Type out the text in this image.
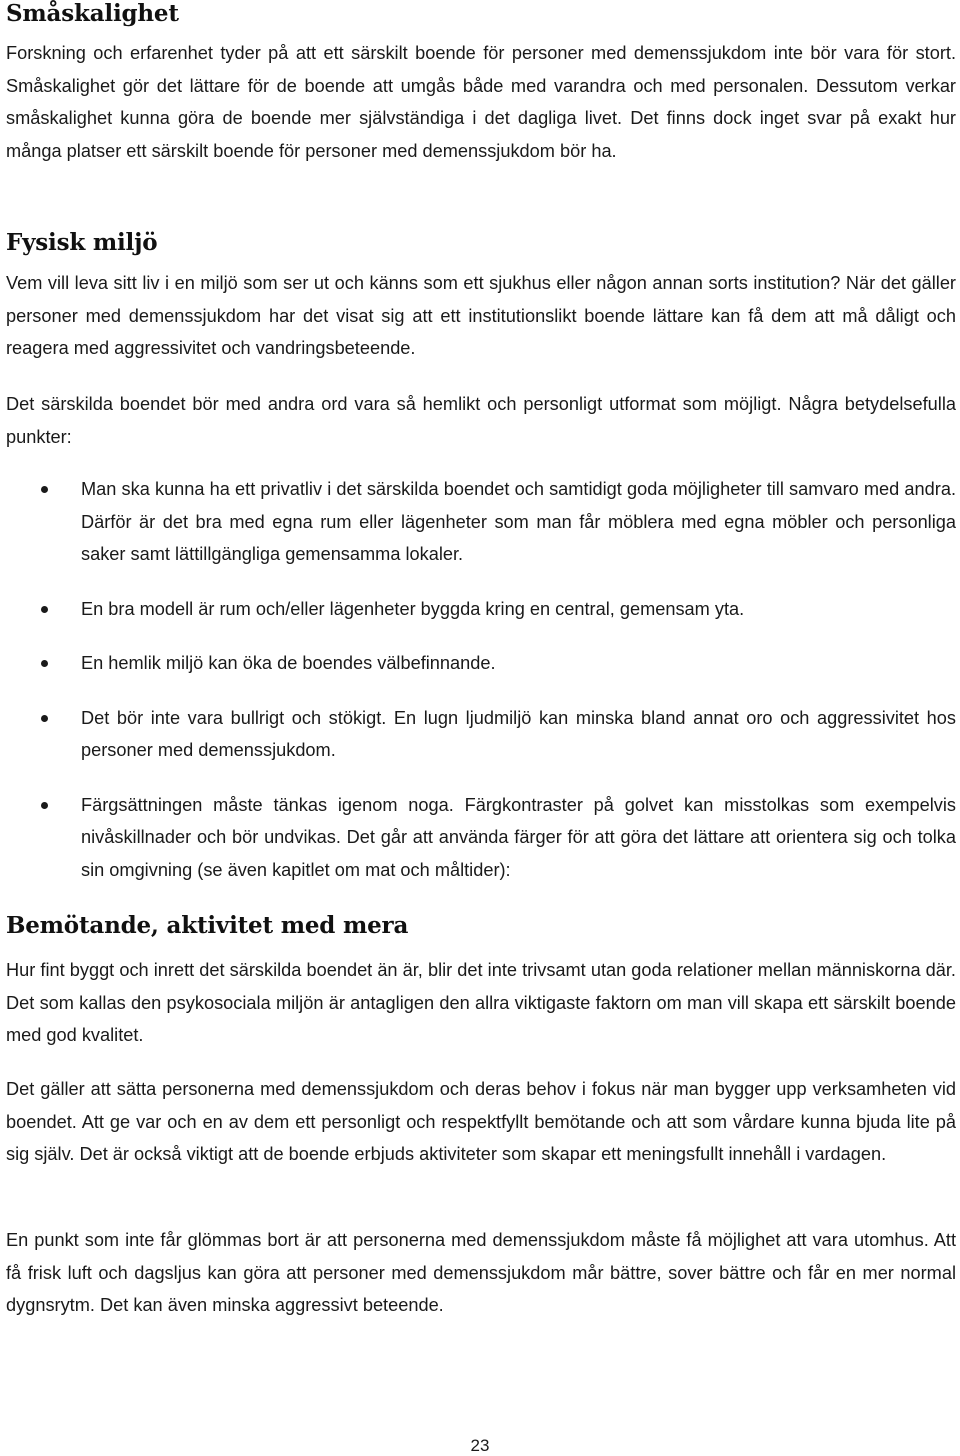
Småskalighet

Forskning och erfarenhet tyder på att ett särskilt boende för personer med demenssjukdom inte bör vara för stort. Småskalighet gör det lättare för de boende att umgås både med varandra och med personalen. Dessutom verkar småskalighet kunna göra de boende mer självständiga i det dagliga livet. Det finns dock inget svar på exakt hur många platser ett särskilt boende för personer med demenssjukdom bör ha.

Fysisk miljö

Vem vill leva sitt liv i en miljö som ser ut och känns som ett sjukhus eller någon annan sorts institution? När det gäller personer med demenssjukdom har det visat sig att ett institutionslikt boende lättare kan få dem att må dåligt och reagera med aggressivitet och vandringsbeteende.

Det särskilda boendet bör med andra ord vara så hemlikt och personligt utformat som möjligt. Några betydelsefulla punkter:

Man ska kunna ha ett privatliv i det särskilda boendet och samtidigt goda möjligheter till samvaro med andra. Därför är det bra med egna rum eller lägenheter som man får möblera med egna möbler och personliga saker samt lättillgängliga gemensamma lokaler.

En bra modell är rum och/eller lägenheter byggda kring en central, gemensam yta.

En hemlik miljö kan öka de boendes välbefinnande.

Det bör inte vara bullrigt och stökigt. En lugn ljudmiljö kan minska bland annat oro och aggressivitet hos personer med demenssjukdom.

Färgsättningen måste tänkas igenom noga. Färgkontraster på golvet kan misstolkas som exempelvis nivåskillnader och bör undvikas. Det går att använda färger för att göra det lättare att orientera sig och tolka sin omgivning (se även kapitlet om mat och måltider):

Bemötande, aktivitet med mera

Hur fint byggt och inrett det särskilda boendet än är, blir det inte trivsamt utan goda relationer mellan människorna där. Det som kallas den psykosociala miljön är antagligen den allra viktigaste faktorn om man vill skapa ett särskilt boende med god kvalitet.

Det gäller att sätta personerna med demenssjukdom och deras behov i fokus när man bygger upp verksamheten vid boendet. Att ge var och en av dem ett personligt och respektfyllt bemötande och att som vårdare kunna bjuda lite på sig själv. Det är också viktigt att de boende erbjuds aktiviteter som skapar ett meningsfullt innehåll i vardagen.

En punkt som inte får glömmas bort är att personerna med demenssjukdom måste få möjlighet att vara utomhus. Att få frisk luft och dagsljus kan göra att personer med demenssjukdom mår bättre, sover bättre och får en mer normal dygnsrytm. Det kan även minska aggressivt beteende.

23
